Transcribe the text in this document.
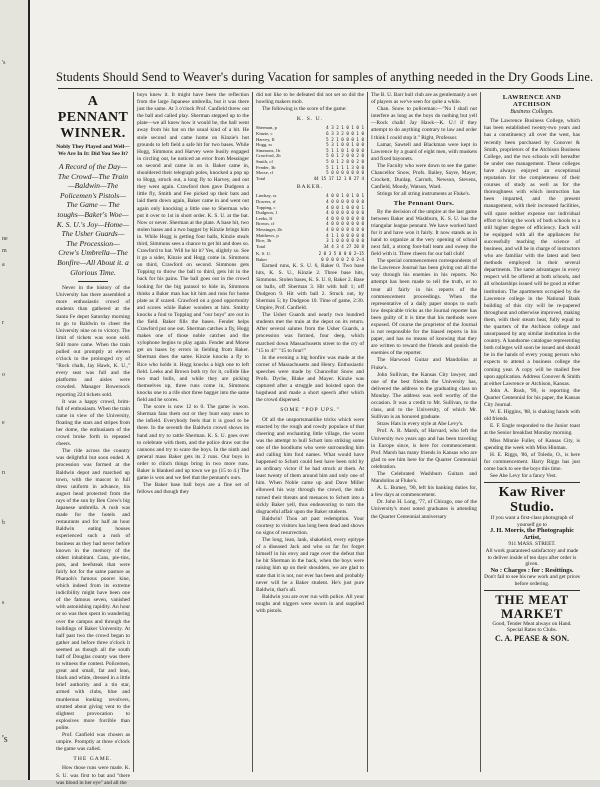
's
ne
m
a
r
o
e
n
b
s
's
Students Should Send to Weaver's during Vacation for samples of anything needed in the Dry Goods Line.
A PENNANT WINNER.
Nobly They Played and Well—We Are In It: Did You See It?
A Record of the Day—The Crowd—The Train—Baldwin—The Policemen's Pistols—The Game — The toughs—Baker's Woe—K. S. U.'s Joy—Home—The Usher Guards—The Procession—Crew's Umbrella—The Bonfire—All About it. a Glorious Time.

Never in the history of the University has there assembled a more enthusiastic crowd of students than gathered at the Santa Fe depot Saturday morning to go to Baldwin to cheer the University nine on to victory. The limit of tickets was soon sold. Still more came. When the train pulled out promptly at eleven o'clock to the prolonged cry of "Rock chalk, Jay Hawk, K. U.," every seat was full and the platforms and aisles were crowded. Manager Bowersock reporting 224 tickets sold.

It was a happy crowd, brim-full of enthusiasm. When the train came in view of the University, floating the stars and stripes from her dome, the enthusiasm of the crowd broke forth in repeated cheers.

The ride across the country was delightful but soon ended. A procession was formed at the Baldwin depot and marched up town, with the mascot in full dress uniform in advance, his august head protected from the rays of the sun by Ben Crew's big Japanese umbrella. A rush was made for the hotels and restaurants and for half an hour Baldwin eating houses experienced such a rush of business as they had never before known in the memory of the oldest inhabitant. Cans, pie-tins, pots, and beefsteak that were fairly hot for the same pasture as Pharaoh's famous poorer kine, which indeed from its extreme indicibility might have been one of the famous seven, vanished with astonishing rapidity. An hour or so was then spent in wandering over the campus and through the buildings of Baker University. At half past two the crowd began to gather and before three o'clock it seemed as though all the south half of Douglas county was there to witness the contest. Policemen, great and small, fat and lean, black and white, dressed in a little brief authority and a tin star, armed with clubs, blue and murderous looking revolvers, strutted about giving vent to the slightest provocation to explosives more forcible than polite.

Prof. Canfield was chosen as umpire. Promptly at three o'clock the game was called.

THE GAME.

How those runs were made. K. S. U. was first to bat and "there was blood in her eye" and all the

boys knew it. It might have been the reflection from the large Japanese umbrella, but it was there just the same. At 3 o'clock Prof. Canfield threw out the ball and called play. Sherman stepped up to the plate—we all knew how it would be, the ball went away from his bat on the usual kind of a hit. He stole second and came home on Kinzie's hot grounds to left field a safe hit for two bases. While Hogg, Simmons and Harvey were busily engaged in circling out, he noticed an error from Messinger on second and came in on it. Baker came in, shouldered their telegraph poles, knocked a pop up to Hogg, struck out, a long fly to Harvey, and out they went again. Crawford then gave Dudgeon a little fly, Smith and Fee picked up their bats and laid them down again, Baker came in and went out again only knocking a little one to Sherman who put it over to 1st in short order. K. S. U. at the bat. Now or never. Sherman at the plate. A base hit, two stolen bases and a two bagger by Kinzie brings him in. While Hogg is getting four balls, Kinzie steals third, Simmons sees a chance to get hit and does so. Crawford to bat. Will he hit it? Yes, slightly so. See it go a sider, Kinzie and Hogg come in. Simmons on third, Crawford on second. Simmons gets Topping to throw the ball to third, gets hit in the back for his pains. The ball goes out in the crowd looking for the big parasol to hide in, Simmons thinks a Baker man has hit him and runs for home plate as if scared. Crawford on a good opportunity and scores while Baker wonders at him. Smithy knocks a foul to Topping and "our boys" are out in the field. Baker fills the bases. Fender helps Crawford put one out. Sherman catches a fly, Hogg makes one of those noble catches and the xylophone begins to play again. Fender and Morse get on bases by errors in fielding from Baker. Sherman does the same. Kinzie knocks a fly to Rice who holds it. Hogg knocks a high one to left field. Leeks and Brown both try for it, collide like two mad bulls, and while they are picking themselves up, three runs come in, Simmons knocks one to a rife shot three bagger into the same field and he scores.

The score is now 12 to 0. The game is won. Sherman fans them out or they bunt easy ones to the infield. Everybody feels that it is good to be there. In the seventh the Baldwin crowd shows its hand and try to rattle Sherman. K. S. U. goes over to celebrate with them, and the police draw out the cannons and try to scare the boys. In the ninth and general mass Baker gets its 2 runs. Our boys in order to clinch things bring in two more runs. Baker is blanked and up town we go (15 to 4.) The game is won and we feel that the pennant's ours.

The Baker base ball boys are a fine set of fellows and though they

did not like to be defeated did not set so did the howling makers mob.

The following is the score of the game:

K. S. U.
Sherman, p	4 3 2 1 0 1 0 1
Kinzie, c	6 3 3 2 0 0 1 0
Harvey, If	5 2 1 0 0 0 1 0
Hogg, ss	5 3 1 0 0 1 0 0
Simmons, 1b	5 1 1 0 1 0 0 0
Crawford, 2b	5 0 1 2 0 0 2 0
Smith, cf	5 0 1 2 0 0 2 0
Fender, 3b	5 1 1 1 1 3 0 0
Morse, rf	5 0 0 0 0 0 0 0
Total	44 15 17 12 1 8 27 4
BAKER.
Lindsay, ss	4 0 0 1 0 1 0 1
Dowers, rf	4 0 0 0 0 0 0 0
Topping, c	4 0 0 1 0 0 0 1
Dudgeon, 1	4 0 0 0 0 0 0 0
Leeks, If	4 0 0 0 0 0 0 0
Brown, cf	4 0 0 0 0 0 0 0
Messinger, 2b	4 0 0 0 0 0 0 0
Matthews, p	4 1 1 0 0 0 0 0
Rice, 3b	3 1 0 0 0 0 0 0
Total	34 4 3 4 27 20 8
K. S. U.	2 0 3 5 0 0 0 2—15
Baker	0 0 0 0 0 2 0 2—4

Earned runs, K. S. U. 6, Baker 0. Two base hits, K. S. U., Kinzie 2. Three base hits, Simmons. Stolen bases, K. S. U. 8, Baker 2. Base on balls, off Sherman 3. Hit with ball 1; off Dudgeon 9. Hit with ball 2. Struck out, by Sherman 5; by Dudgeon 10. Time of game, 2:30. Umpire, Prof. Canfield.

The Usher Guards and nearly two hundred students met the train at the depot on its return. After several salutes from the Usher Guards, a procession was formed, four deep, which marched down Massachusetts street to the cry of "15 to 4!" "15 to four!"

In the evening a big bonfire was made at the corner of Massachusetts and Henry. Enthusiastic speeches were made by Chancellor Snow and Profs. Dyche, Blake and Mayer. Kinzie was captured after a struggle and hoisted upon the hogshead and made a short speech after which the crowd dispersed.

SOME "POP UPS."

Of all the unsportsmanlike tricks which were enacted by the rough and rowdy populace of that cheering and enchanting little village, the worst was the attempt to bull Schott into striking some one of the hoodlums who were surrounding him and calling him foul names. What would have happened to Schott could best have been told by an ordinary victor if he had struck at them. At least twenty of them around him and only one of him. When Noble came up and Dave Miller elbowed his way through the crowd, the mob turned their threats and menaces to Schott into a sickly Baker yell, thus endeavoring to turn the disgraceful affair upon the Baker students.

Baldwin! Thou art past redemption. Your courtesy to visitors has long been dead and shows no signs of resurrection.

The long, lean, lank, shakebird, every epitype of a diseased Jack and who so far for forget himself in his envy and rage over the defeat that he hit Sherman in the back, when the boys were raising him up on their shoulders, we are glad to state that it is not, nor ever has been and probably never will be a Baker student. He's just pure Baldwin, that's all.

Baldwin you are over run with police. All your toughs and niggers were sworn in and supplied with pistols.

The B. U. Barr bull club are as gentlemanly a set of players as we've seen for quite a while.

Chan. Snow to policeman:—"No I shall not interfere as long as the boys do nothing but yell—Rock chalk! Jay Hawk—K. U.! if they attempt to do anything contrary to law and order I think I could stop it." Right, Professor.

Lamar, Sawtell and Blackman were kept in Lawrence by a guard of eight men, with muskets and fixed bayonets.

The Faculty who were down to see the game: Chancellor Snow, Profs. Bailey, Sayre, Mayer, Crockett, Dunlap, Carruth, Newson, Stevens, Canfield, Moody, Watson, Ward.

Strings for all string instruments at Fluke's.

The Pennant Ours.

By the decision of the umpire at the last game between Baker and Washburn, K. S. U. has the triangular league pennant. We have worked hard for it and have won it fairly. It now stands as in hand to organize at the very opening of school next fall, a strong foot-ball team and sweep the field with it. Three cheers for our ball club!

The special commencement correspondents of the Lawrence Journal has been giving out all the way through his enemies in his reports. No attempt has been made to tell the truth, or to treat all fairly in his reports of the commencement proceedings. When the representative of a daily paper stoops to such low despicable tricks as the Journal reporter has been guilty of it is time that his methods were exposed. Of course the proprietor of the Journal is not responsible for the biased reports in his paper, and has no means of knowing that they are written to reward the friends and punish the enemies of the reporter.

The Harwood Guitar and Mandolins at Fluke's.

John Sullivan, the Kansas City lawyer, and one of the best friends the University has, delivered the address to the graduating class on Monday. The address was well worthy of the occasion. It was a credit to Mr. Sullivan, to the class, and to the University, of which Mr. Sullivan is an honored graduate.

Straw Hats in every style at Abe Levy's.

Prof. A. R. Marsh, of Harvard, who left the University two years ago and has been traveling in Europe since, is here for commencement. Prof. Marsh has many friends in Kansas who are glad to see him here for the Quarter Centennial celebration.

The Celebrated Washburn Guitars and Mandolins at Fluke's.

A. L. Burney, '90, left his banking duties for, a few days at commencement.

Dr. John H. Long, '77, of Chicago, one of the University's most noted graduates is attending the Quarter Centennial anniversary

LAWRENCE AND ATCHISON
Business Colleges.

The Lawrence Business College, which has been established twenty-two years and has a constituency all over the west, has recently been purchased by Conover & Smith, proprietors of the Atchison Business College, and the two schools will hereafter be under one management. These colleges have always enjoyed an exceptional reputation for the completeness of their courses of study as well as for the thoroughness with which instruction has been imparted, and the present management, with their increased facilities, will spare neither expense nor individual effort to bring the work of both schools to a still higher degree of efficiency. Each will be equipped with all the appliances for successfully teaching the science of business, and will be in charge of instructors who are familiar with the latest and best methods employed in their several departments. The same advantages in every respect will be offered at both schools, and all scholarships issued will be good at either institution. The apartments occupied by the Lawrence college in the National Bank building of this city will be re-papered throughout and otherwise improved, making them, with their steam heat, fully equal to the quarters of the Atchison college and unsurpassed by any similar institution in the country. A handsome catalogue representing both colleges will soon be issued and should be in the hands of every young person who expects to attend a business college the coming year. A copy will be mailed free upon application. Address Conover & Smith at either Lawrence or Atchison, Kansas.

John A. Rush, '90, is reporting the Quarter Centennial for his paper, the Kansas City Journal.

W. E. Higgins, '88, is shaking hands with old friends.

E. F. Engle responded to the Junior toast at the Senior breakfast Monday morning.

Miss Minnie Fuller, of Kansas City, is spending the week with Miss Hinman.

H. E. Riggs, '86, of Toledo, O., is here for commencement. Harry Riggs has just come back to see the boys this time.

See Abe Levy for a fancy Vest.

Kaw River Studio.
If you want a first-class photograph of yourself go to
J. H. Morris, the Photographic Artist,
911 MASS. STREET.
All work guaranteed satisfactory and made to deliver inside of ten days after order is given.
No : Charges : for : Resittings.
Don't fail to see his new work and get prices before ordering.
THE MEAT MARKET
Good, Tender Meat always on Hand. Special Rates to Clubs.
C. A. PEASE & SON.
